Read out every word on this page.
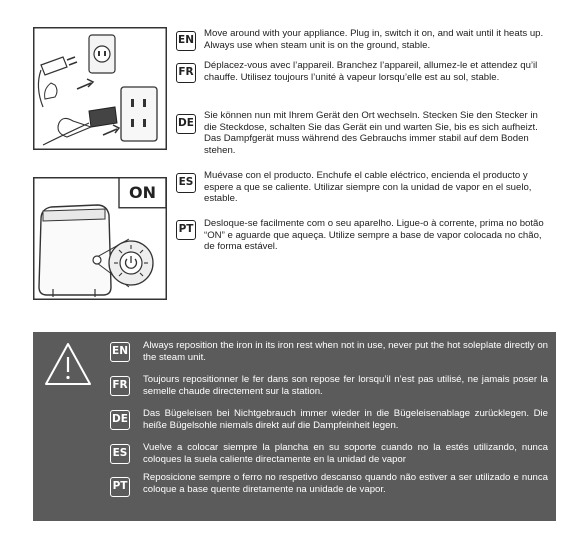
ON
EN
Move around with your appliance. Plug in, switch it on, and wait until it heats up. Always use when steam unit is on the ground, stable.
FR
Déplacez-vous avec l’appareil. Branchez l’appareil, allumez-le et attendez qu’il chauffe. Utilisez toujours l’unité à vapeur lorsqu’elle est au sol, stable.
DE
Sie können nun mit Ihrem Gerät den Ort wechseln. Stecken Sie den Stecker in die Steckdose, schalten Sie das Gerät ein und warten Sie, bis es sich aufheizt. Das Dampfgerät muss während des Gebrauchs immer stabil auf dem Boden stehen.
ES
Muévase con el producto. Enchufe el cable eléctrico, encienda el producto y espere a que se caliente. Utilizar siempre con la unidad de vapor en el suelo, estable.
PT Desloque-se facilmente com o seu aparelho. Ligue-o à corrente, prima no botão “ON” e aguarde que aqueça. Utilize sempre a base de vapor colocada no chão, de forma estável.
EN Always reposition the iron in its iron rest when not in use, never put the hot soleplate directly on the steam unit.
FR Toujours repositionner le fer dans son repose fer lorsqu’il n’est pas utilisé, ne jamais poser la semelle chaude directement sur la station.
DE Das Bügeleisen bei Nichtgebrauch immer wieder in die Bügeleisenablage zurücklegen. Die heiße Bügelsohle niemals direkt auf die Dampfeinheit legen.
ES Vuelve a colocar siempre la plancha en su soporte cuando no la estés utilizando, nunca coloques la suela caliente directamente en la unidad de vapor
PT
Reposicione sempre o ferro no respetivo descanso quando não estiver a ser utilizado e nunca coloque a base quente diretamente na unidade de vapor.
